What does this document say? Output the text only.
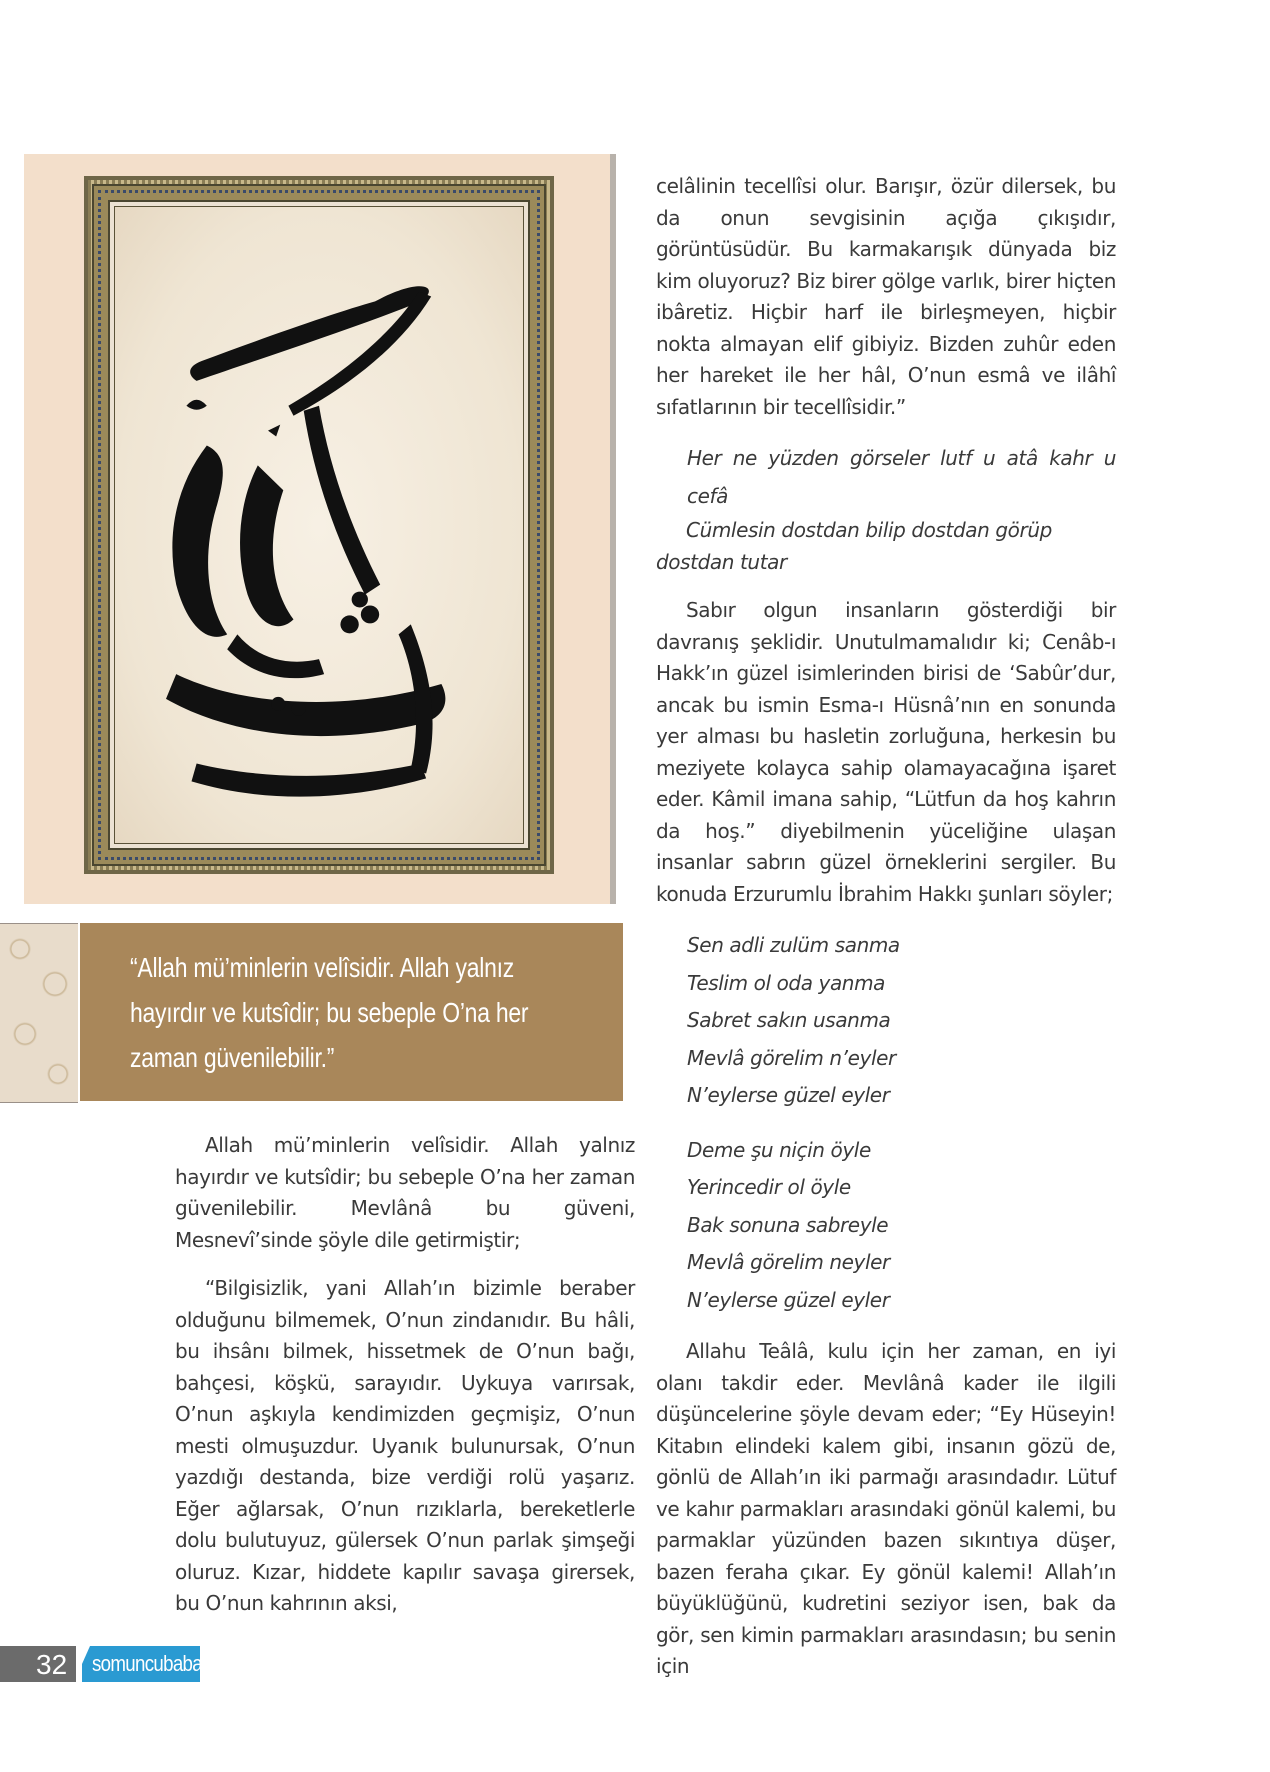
“Allah mü’minlerin velîsidir. Allah yalnız hayırdır ve kutsîdir; bu sebeple O’na her zaman güvenilebilir.”

Allah mü’minlerin velîsidir. Allah yalnız hayırdır ve kutsîdir; bu sebeple O’na her zaman güvenilebilir. Mevlânâ bu güveni, Mesnevî’sinde şöyle dile getirmiştir;

“Bilgisizlik, yani Allah’ın bizimle beraber olduğunu bilmemek, O’nun zindanıdır. Bu hâli, bu ihsânı bilmek, hissetmek de O’nun bağı, bahçesi, köşkü, sarayıdır. Uykuya varırsak, O’nun aşkıyla kendimizden geçmişiz, O’nun mesti olmuşuzdur. Uyanık bulunursak, O’nun yazdığı destanda, bize verdiği rolü yaşarız. Eğer ağlarsak, O’nun rızıklarla, bereketlerle dolu bulutuyuz, gülersek O’nun parlak şimşeği oluruz. Kızar, hiddete kapılır savaşa girersek, bu O’nun kahrının aksi,

celâlinin tecellîsi olur. Barışır, özür dilersek, bu da onun sevgisinin açığa çıkışıdır, görüntüsüdür. Bu karmakarışık dünyada biz kim oluyoruz? Biz birer gölge varlık, birer hiçten ibâretiz. Hiçbir harf ile birleşmeyen, hiçbir nokta almayan elif gibiyiz. Bizden zuhûr eden her hareket ile her hâl, O’nun esmâ ve ilâhî sıfatlarının bir tecellîsidir.”

Her ne yüzden görseler lutf u atâ kahr u cefâ

Cümlesin dostdan bilip dostdan görüp dostdan tutar

Sabır olgun insanların gösterdiği bir davranış şeklidir. Unutulmamalıdır ki; Cenâb-ı Hakk’ın güzel isimlerinden birisi de ‘Sabûr’dur, ancak bu ismin Esma-ı Hüsnâ’nın en sonunda yer alması bu hasletin zorluğuna, herkesin bu meziyete kolayca sahip olamayacağına işaret eder. Kâmil imana sahip, “Lütfun da hoş kahrın da hoş.” diyebilmenin yüceliğine ulaşan insanlar sabrın güzel örneklerini sergiler. Bu konuda Erzurumlu İbrahim Hakkı şunları söyler;

Sen adli zulüm sanma

Teslim ol oda yanma

Sabret sakın usanma

Mevlâ görelim n’eyler

N’eylerse güzel eyler

Deme şu niçin öyle

Yerincedir ol öyle

Bak sonuna sabreyle

Mevlâ görelim neyler

N’eylerse güzel eyler

Allahu Teâlâ, kulu için her zaman, en iyi olanı takdir eder. Mevlânâ kader ile ilgili düşüncelerine şöyle devam eder; “Ey Hüseyin! Kitabın elindeki kalem gibi, insanın gözü de, gönlü de Allah’ın iki parmağı arasındadır. Lütuf ve kahır parmakları arasındaki gönül kalemi, bu parmaklar yüzünden bazen sıkıntıya düşer, bazen feraha çıkar. Ey gönül kalemi! Allah’ın büyüklüğünü, kudretini seziyor isen, bak da gör, sen kimin parmakları arasındasın; bu senin için

32 somuncubaba
